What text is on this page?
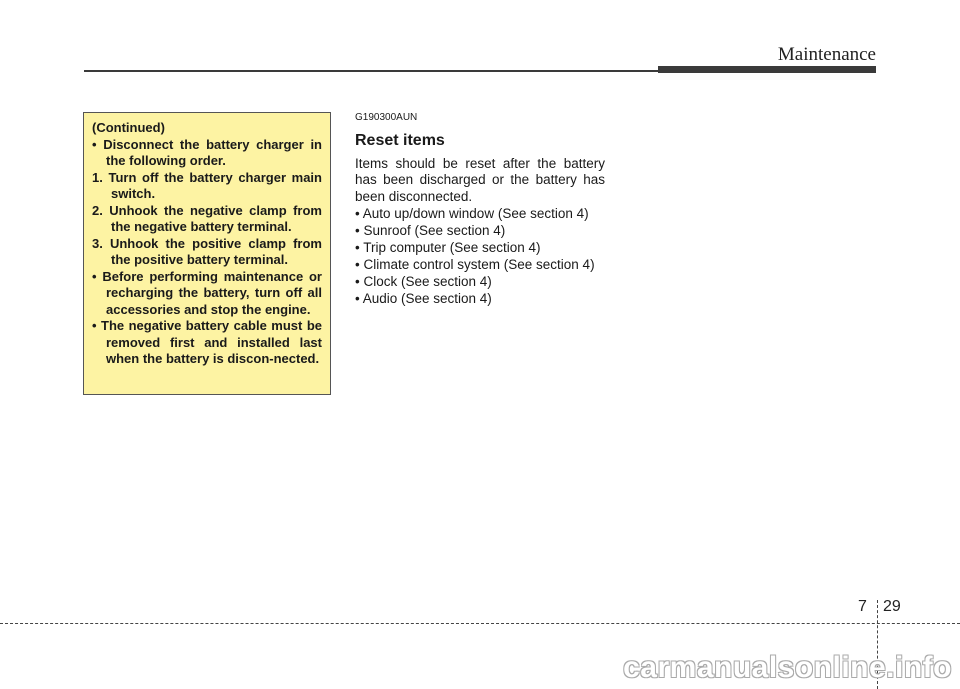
Maintenance

(Continued)

• Disconnect the battery charger in the following order.

1. Turn off the battery charger main switch.

2. Unhook the negative clamp from the negative battery terminal.

3. Unhook the positive clamp from the positive battery terminal.

• Before performing maintenance or recharging the battery, turn off all accessories and stop the engine.

• The negative battery cable must be removed first and installed last when the battery is discon-nected.

G190300AUN

Reset items

Items should be reset after the battery has been discharged or the battery has been disconnected.

• Auto up/down window (See section 4)
• Sunroof (See section 4)
• Trip computer (See section 4)
• Climate control system (See section 4)
• Clock (See section 4)
• Audio (See section 4)
7 29
carmanualsonline.info
